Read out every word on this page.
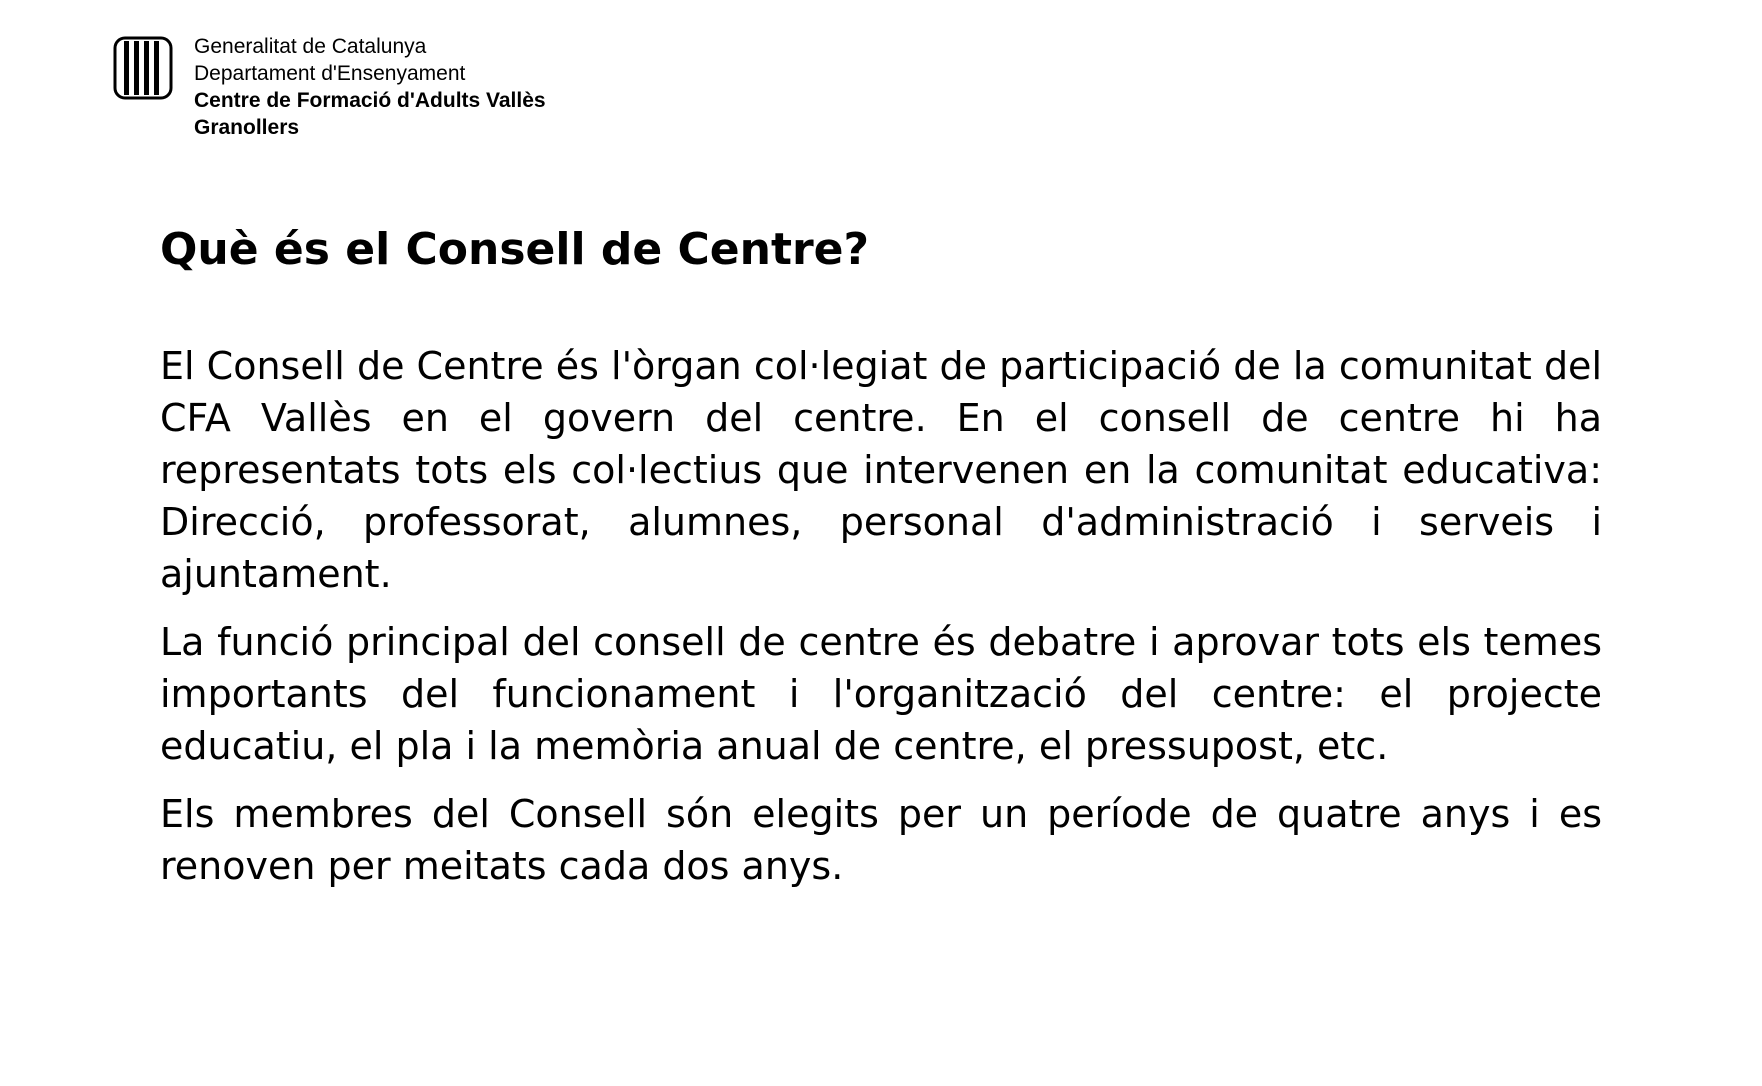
Generalitat de Catalunya
Departament d'Ensenyament
Centre de Formació d'Adults Vallès
Granollers
Què és el Consell de Centre?

El Consell de Centre és l'òrgan col·legiat de participació de la comunitat del CFA Vallès en el govern del centre. En el consell de centre hi ha representats tots els col·lectius que intervenen en la comunitat educativa: Direcció, professorat, alumnes, personal d'administració i serveis i ajuntament.

La funció principal del consell de centre és debatre i aprovar tots els temes importants del funcionament i l'organització del centre: el projecte educatiu, el pla i la memòria anual de centre, el pressupost, etc.

Els membres del Consell són elegits per un període de quatre anys i es renoven per meitats cada dos anys.
